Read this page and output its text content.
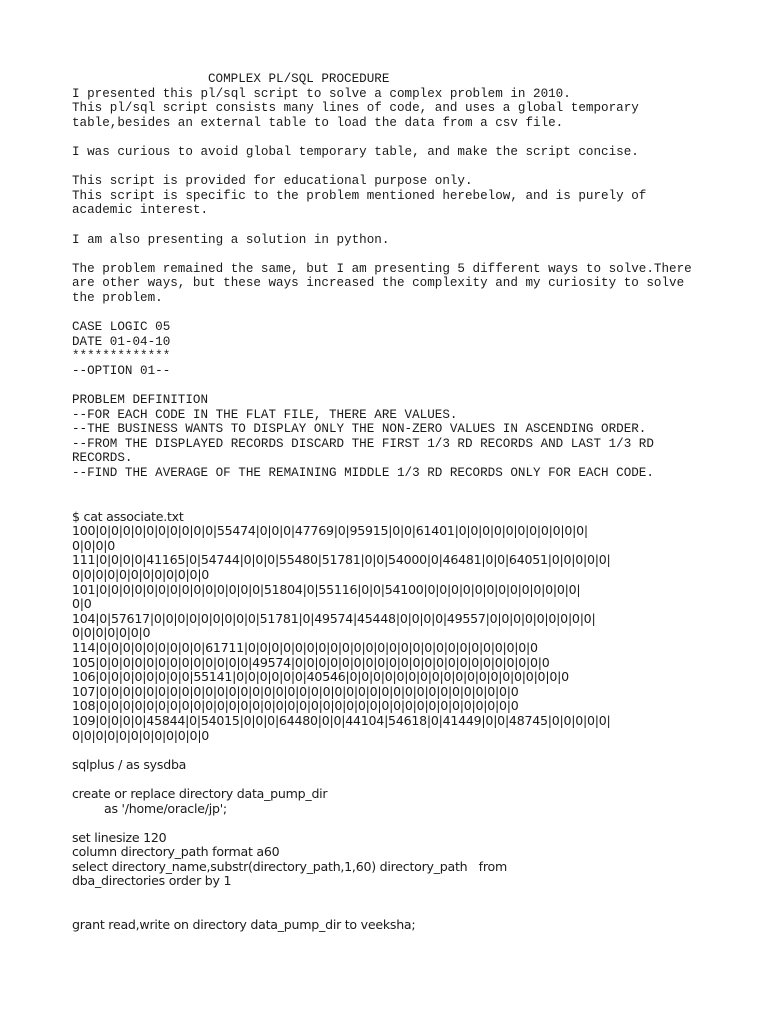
COMPLEX PL/SQL PROCEDURE
I presented this pl/sql script to solve a complex problem in 2010.
This pl/sql script consists many lines of code, and uses a global temporary
table,besides an external table to load the data from a csv file.
I was curious to avoid global temporary table, and make the script concise.
This script is provided for educational purpose only.
This script is specific to the problem mentioned herebelow, and is purely of
academic interest.
I am also presenting a solution in python.
The problem remained the same, but I am presenting 5 different ways to solve.There
are other ways, but these ways increased the complexity and my curiosity to solve
the problem.
CASE LOGIC 05
DATE 01-04-10
*************
--OPTION 01--
PROBLEM DEFINITION
--FOR EACH CODE IN THE FLAT FILE, THERE ARE VALUES.
--THE BUSINESS WANTS TO DISPLAY ONLY THE NON-ZERO VALUES IN ASCENDING ORDER.
--FROM THE DISPLAYED RECORDS DISCARD THE FIRST 1/3 RD RECORDS AND LAST 1/3 RD
RECORDS.
--FIND THE AVERAGE OF THE REMAINING MIDDLE 1/3 RD RECORDS ONLY FOR EACH CODE.
$ cat associate.txt
100|0|0|0|0|0|0|0|0|0|0|55474|0|0|0|47769|0|95915|0|0|61401|0|0|0|0|0|0|0|0|0|0|0|
0|0|0|0
111|0|0|0|0|41165|0|54744|0|0|0|55480|51781|0|0|54000|0|46481|0|0|64051|0|0|0|0|0|
0|0|0|0|0|0|0|0|0|0|0|0
101|0|0|0|0|0|0|0|0|0|0|0|0|0|0|51804|0|55116|0|0|54100|0|0|0|0|0|0|0|0|0|0|0|0|0|
0|0
104|0|57617|0|0|0|0|0|0|0|0|0|51781|0|49574|45448|0|0|0|0|49557|0|0|0|0|0|0|0|0|0|
0|0|0|0|0|0|0
114|0|0|0|0|0|0|0|0|0|61711|0|0|0|0|0|0|0|0|0|0|0|0|0|0|0|0|0|0|0|0|0|0|0|0|0
105|0|0|0|0|0|0|0|0|0|0|0|0|0|49574|0|0|0|0|0|0|0|0|0|0|0|0|0|0|0|0|0|0|0|0|0|0
106|0|0|0|0|0|0|0|0|55141|0|0|0|0|0|0|40546|0|0|0|0|0|0|0|0|0|0|0|0|0|0|0|0|0|0|0
107|0|0|0|0|0|0|0|0|0|0|0|0|0|0|0|0|0|0|0|0|0|0|0|0|0|0|0|0|0|0|0|0|0|0|0|0
108|0|0|0|0|0|0|0|0|0|0|0|0|0|0|0|0|0|0|0|0|0|0|0|0|0|0|0|0|0|0|0|0|0|0|0|0
109|0|0|0|0|45844|0|54015|0|0|0|64480|0|0|44104|54618|0|41449|0|0|48745|0|0|0|0|0|
0|0|0|0|0|0|0|0|0|0|0|0
sqlplus / as sysdba
create or replace directory data_pump_dir
as '/home/oracle/jp';
set linesize 120
column directory_path format a60
select directory_name,substr(directory_path,1,60) directory_path   from
dba_directories order by 1
grant read,write on directory data_pump_dir to veeksha;
